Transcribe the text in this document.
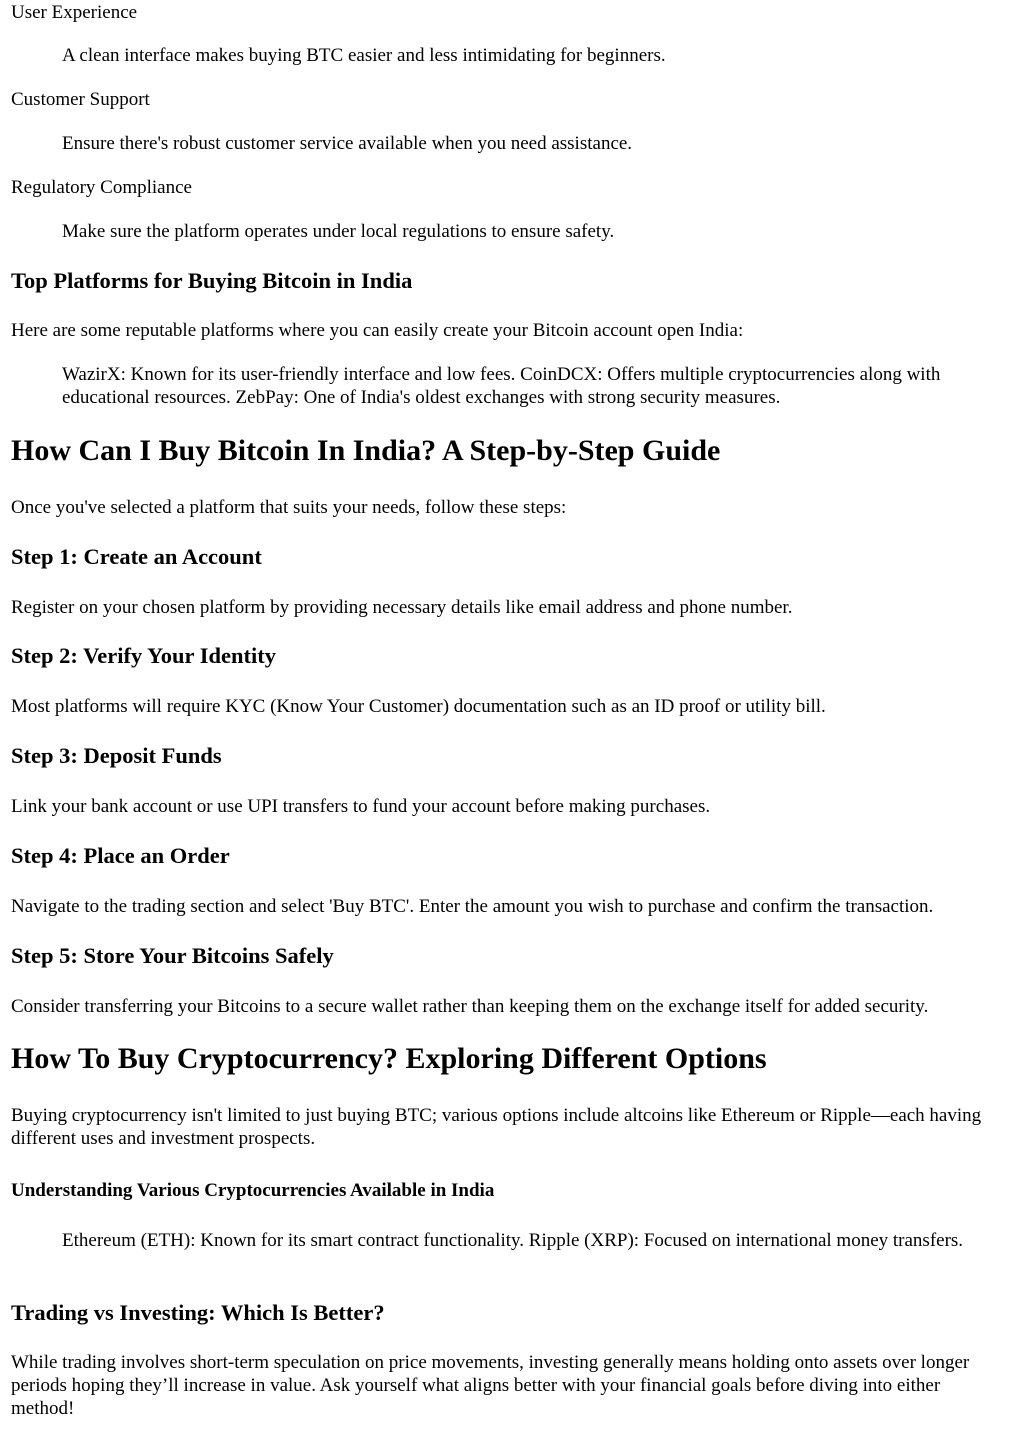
User Experience
A clean interface makes buying BTC easier and less intimidating for beginners.
Customer Support
Ensure there's robust customer service available when you need assistance.
Regulatory Compliance
Make sure the platform operates under local regulations to ensure safety.
Top Platforms for Buying Bitcoin in India

Here are some reputable platforms where you can easily create your Bitcoin account open India:

WazirX: Known for its user-friendly interface and low fees. CoinDCX: Offers multiple cryptocurrencies along with educational resources. ZebPay: One of India's oldest exchanges with strong security measures.

How Can I Buy Bitcoin In India? A Step-by-Step Guide

Once you've selected a platform that suits your needs, follow these steps:

Step 1: Create an Account

Register on your chosen platform by providing necessary details like email address and phone number.

Step 2: Verify Your Identity

Most platforms will require KYC (Know Your Customer) documentation such as an ID proof or utility bill.

Step 3: Deposit Funds

Link your bank account or use UPI transfers to fund your account before making purchases.

Step 4: Place an Order

Navigate to the trading section and select 'Buy BTC'. Enter the amount you wish to purchase and confirm the transaction.

Step 5: Store Your Bitcoins Safely

Consider transferring your Bitcoins to a secure wallet rather than keeping them on the exchange itself for added security.

How To Buy Cryptocurrency? Exploring Different Options

Buying cryptocurrency isn't limited to just buying BTC; various options include altcoins like Ethereum or Ripple—each having different uses and investment prospects.

Understanding Various Cryptocurrencies Available in India

Ethereum (ETH): Known for its smart contract functionality. Ripple (XRP): Focused on international money transfers.

Trading vs Investing: Which Is Better?

While trading involves short-term speculation on price movements, investing generally means holding onto assets over longer periods hoping they’ll increase in value. Ask yourself what aligns better with your financial goals before diving into either method!
